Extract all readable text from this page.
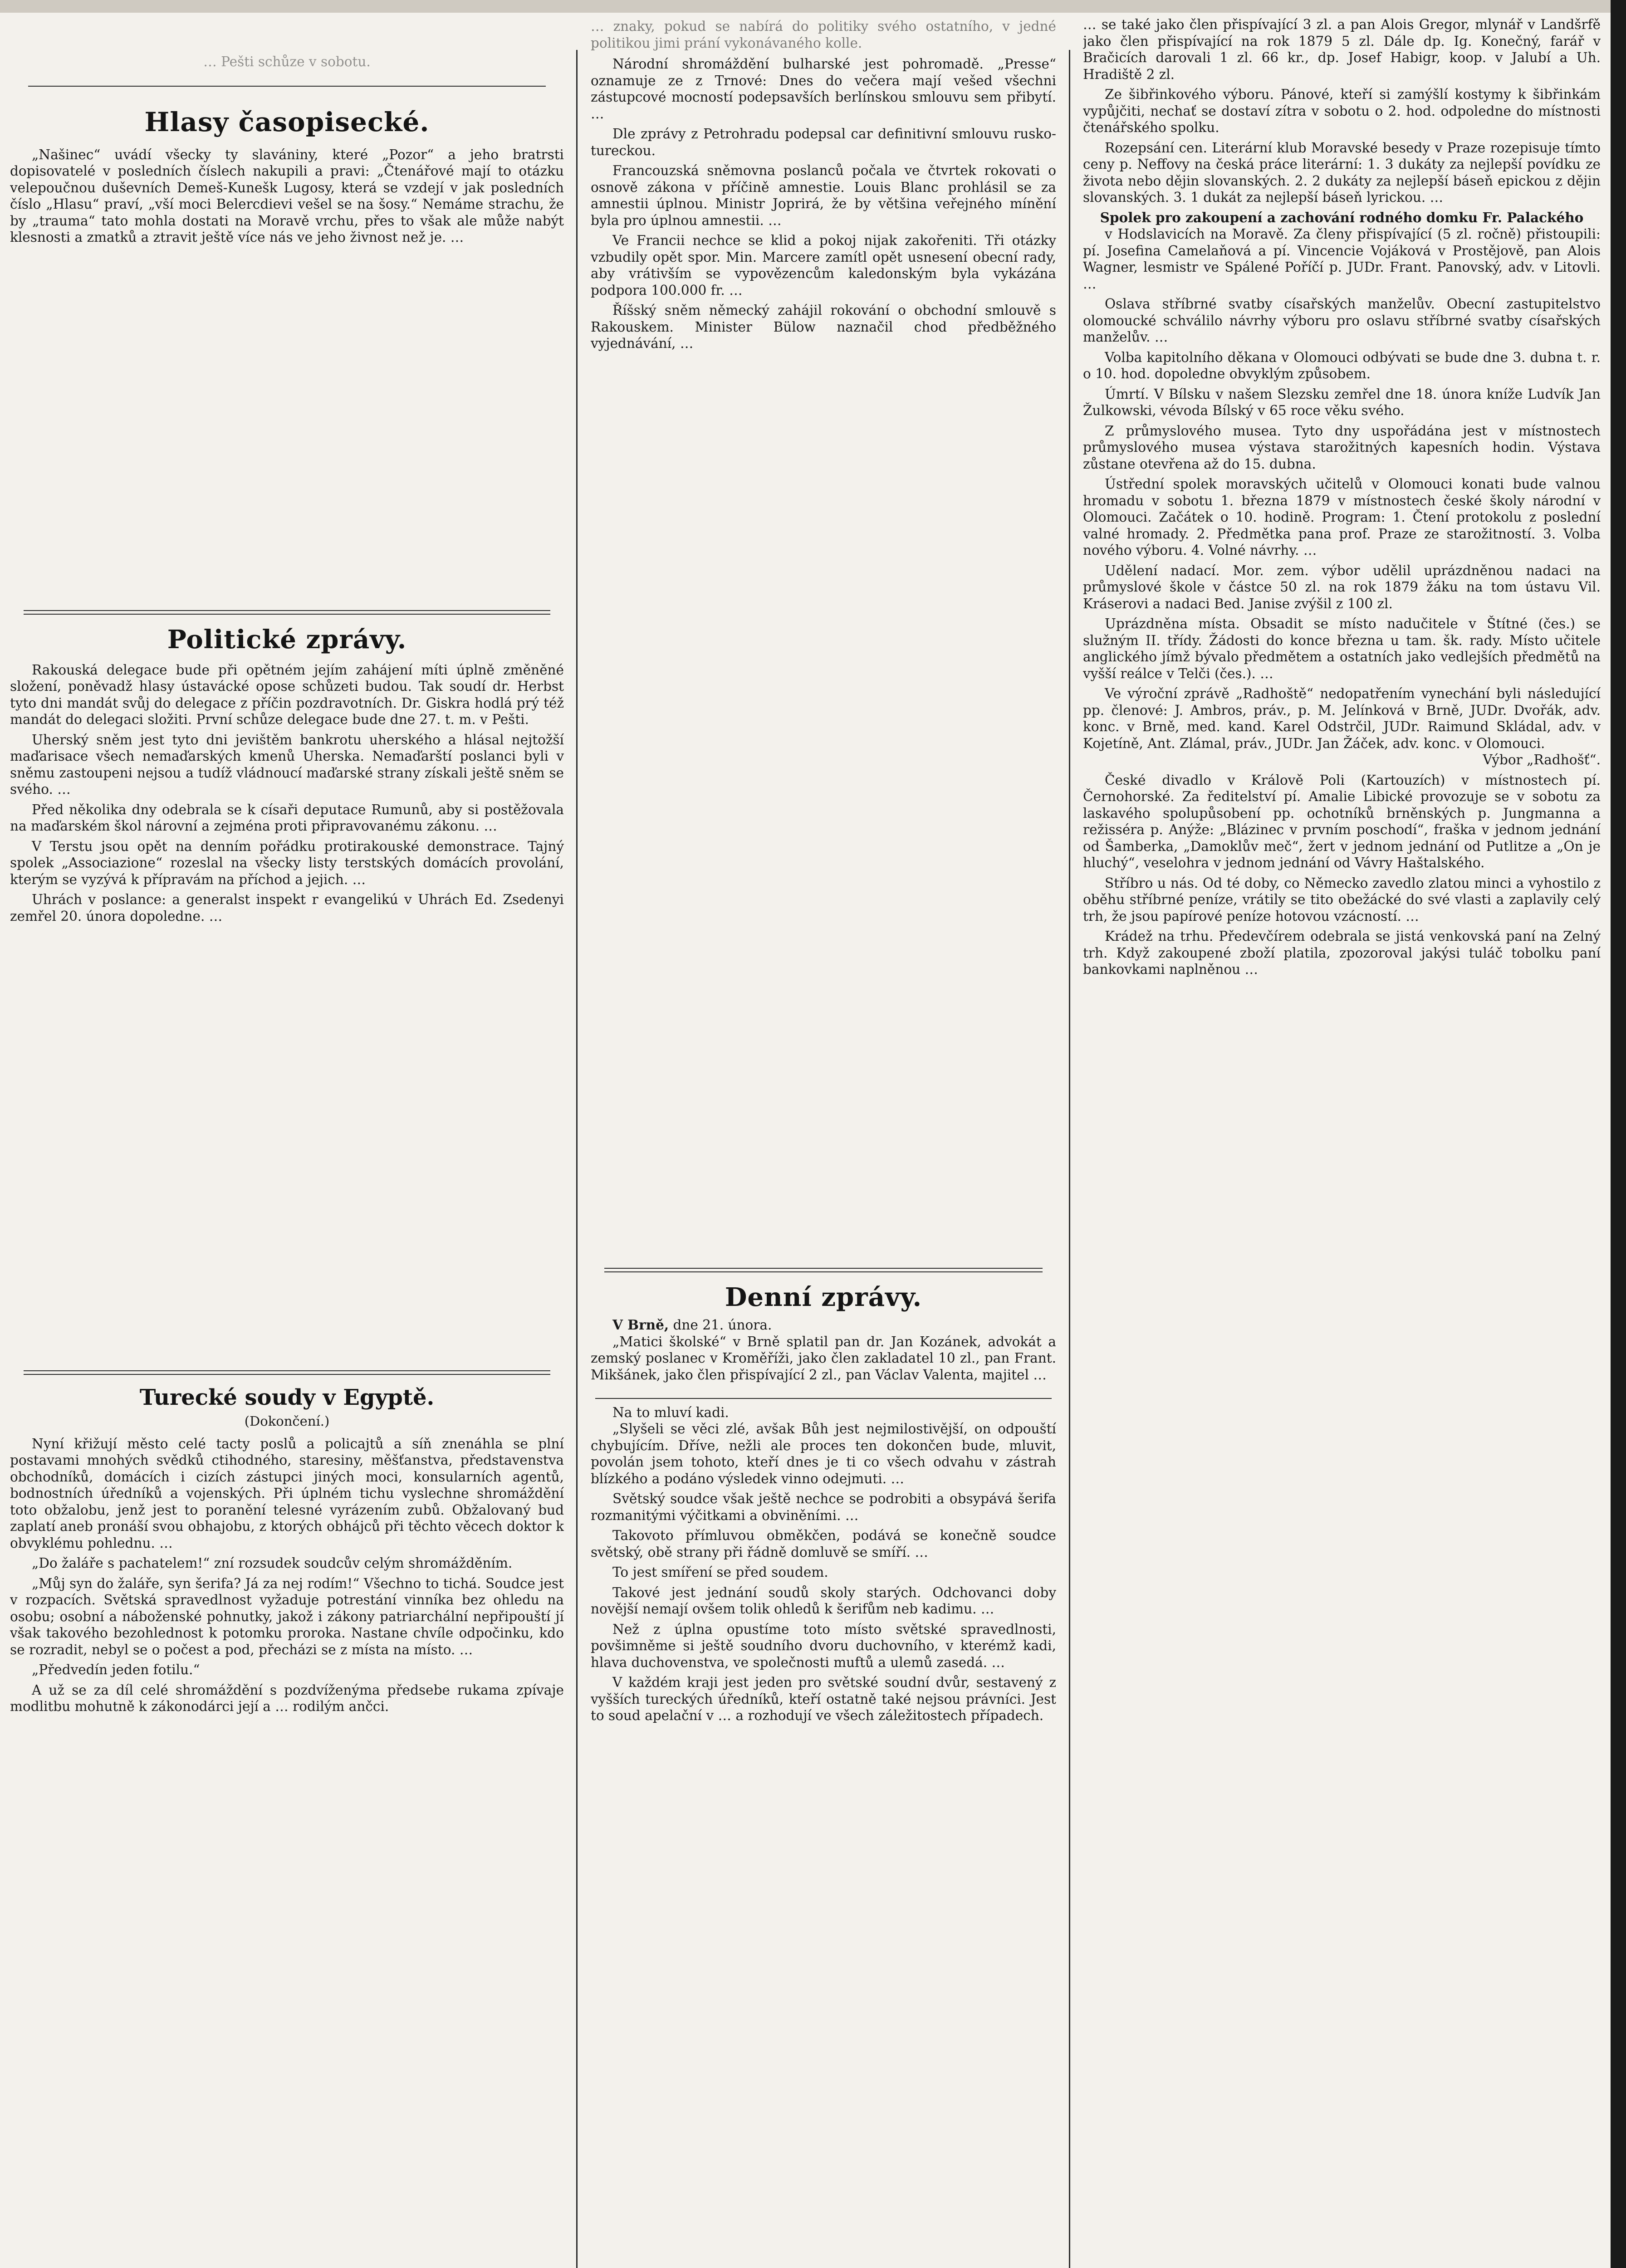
… Pešti schůze v sobotu.

Hlasy časopisecké.

„Našinec“ uvádí všecky ty slavániny, které „Pozor“ a jeho bratrsti dopisovatelé v posledních číslech nakupili a pravi: „Čtenářové mají to otázku velepoučnou duševních Demeš-Kunešk Lugosy, která se vzdejí v jak posledních číslo „Hlasu“ praví, „vší moci Belercdievi vešel se na šosy.“ Nemáme strachu, že by „trauma“ tato mohla dostati na Moravě vrchu, přes to však ale může nabýt klesnosti a zmatků a ztravit ještě více nás ve jeho živnost než je. …

Politické zprávy.

Rakouská delegace bude při opětném jejím zahájení míti úplně změněné složení, poněvadž hlasy ústavácké opose schůzeti budou. Tak soudí dr. Herbst tyto dni mandát svůj do delegace z příčin pozdravotních. Dr. Giskra hodlá prý též mandát do delegaci složiti. První schůze delegace bude dne 27. t. m. v Pešti.

Uherský sněm jest tyto dni jevištěm bankrotu uherského a hlásal nejtožší maďarisace všech nemaďarských kmenů Uherska. Nemaďarští poslanci byli v sněmu zastoupeni nejsou a tudíž vládnoucí maďarské strany získali ještě sněm se svého. …

Před několika dny odebrala se k císaři deputace Rumunů, aby si postěžovala na maďarském škol nárovní a zejména proti připravovanému zákonu. …

V Terstu jsou opět na denním pořádku protirakouské demonstrace. Tajný spolek „Associazione“ rozeslal na všecky listy terstských domácích provolání, kterým se vyzývá k přípravám na příchod a jejich. …

Uhrách v poslance: a generalst inspekt r evangelikú v Uhrách Ed. Zsedenyi zemřel 20. února dopoledne. …

Turecké soudy v Egyptě.

(Dokončení.)

Nyní křižují město celé tacty poslů a policajtů a síň znenáhla se plní postavami mnohých svědků ctihodného, staresiny, měšťanstva, představenstva obchodníků, domácích i cizích zástupci jiných moci, konsularních agentů, bodnostních úředníků a vojenských. Při úplném tichu vyslechne shromáždění toto obžalobu, jenž jest to poranění telesné vyrázením zubů. Obžalovaný bud zaplatí aneb pronáší svou obhajobu, z ktorých obhájců při těchto věcech doktor k obvyklému pohlednu. …

„Do žaláře s pachatelem!“ zní rozsudek soudcův celým shromážděním.

„Můj syn do žaláře, syn šerifa? Já za nej rodím!“ Všechno to tichá. Soudce jest v rozpacích. Světská spravedlnost vyžaduje potrestání vinníka bez ohledu na osobu; osobní a náboženské pohnutky, jakož i zákony patriarchální nepřipouští jí však takového bezohlednost k potomku proroka. Nastane chvíle odpočinku, kdo se rozradit, nebyl se o počest a pod, přecházi se z místa na místo. …

„Předvedín jeden fotilu.“

A už se za díl celé shromáždění s pozdvíženýma předsebe rukama zpívaje modlitbu mohutně k zákonodárci její a … rodilým ančci.

… znaky, pokud se nabírá do politiky svého ostatního, v jedné politikou jimi prání vykonávaného kolle.

Národní shromáždění bulharské jest pohromadě. „Presse“ oznamuje ze z Trnové: Dnes do večera mají vešed všechni zástupcové mocností podepsavších berlínskou smlouvu sem přibytí. …

Dle zprávy z Petrohradu podepsal car definitivní smlouvu rusko-tureckou.

Francouzská sněmovna poslanců počala ve čtvrtek rokovati o osnově zákona v příčině amnestie. Louis Blanc prohlásil se za amnestii úplnou. Ministr Joprirá, že by většina veřejného mínění byla pro úplnou amnestii. …

Ve Francii nechce se klid a pokoj nijak zakořeniti. Tři otázky vzbudily opět spor. Min. Marcere zamítl opět usnesení obecní rady, aby vrátivším se vypovězencům kaledonským byla vykázána podpora 100.000 fr. …

Říšský sněm německý zahájil rokování o obchodní smlouvě s Rakouskem. Minister Bülow naznačil chod předběžného vyjednávání, …

Denní zprávy.

V Brně, dne 21. února.

„Matici školské“ v Brně splatil pan dr. Jan Kozánek, advokát a zemský poslanec v Kroměříži, jako člen zakladatel 10 zl., pan Frant. Mikšánek, jako člen přispívající 2 zl., pan Václav Valenta, majitel …

Na to mluví kadi.

„Slyšeli se věci zlé, avšak Bůh jest nejmilostivější, on odpouští chybujícím. Dříve, nežli ale proces ten dokončen bude, mluvit, povolán jsem tohoto, kteří dnes je ti co všech odvahu v zástrah blízkého a podáno výsledek vinno odejmuti. …

Světský soudce však ještě nechce se podrobiti a obsypává šerifa rozmanitými výčitkami a obviněními. …

Takovoto přímluvou obměkčen, podává se konečně soudce světský, obě strany při řádně domluvě se smíří. …

To jest smíření se před soudem.

Takové jest jednání soudů skoly starých. Odchovanci doby novější nemají ovšem tolik ohledů k šerifům neb kadimu. …

Než z úplna opustíme toto místo světské spravedlnosti, povšimněme si ještě soudního dvoru duchovního, v kterémž kadi, hlava duchovenstva, ve společnosti muftů a ulemů zasedá. …

V každém kraji jest jeden pro světské soudní dvůr, sestavený z vyšších tureckých úředníků, kteří ostatně také nejsou právníci. Jest to soud apelační v … a rozhodují ve všech záležitostech případech.

… se také jako člen přispívající 3 zl. a pan Alois Gregor, mlynář v Landšrfě jako člen přispívající na rok 1879 5 zl. Dále dp. Ig. Konečný, farář v Bračicích darovali 1 zl. 66 kr., dp. Josef Habigr, koop. v Jalubí a Uh. Hradiště 2 zl.

Ze šibřinkového výboru. Pánové, kteří si zamýšlí kostymy k šibřinkám vypůjčiti, nechať se dostaví zítra v sobotu o 2. hod. odpoledne do místnosti čtenářského spolku.

Rozepsání cen. Literární klub Moravské besedy v Praze rozepisuje tímto ceny p. Neffovy na česká práce literární: 1. 3 dukáty za nejlepší povídku ze života nebo dějin slovanských. 2. 2 dukáty za nejlepší báseň epickou z dějin slovanských. 3. 1 dukát za nejlepší báseň lyrickou. …

Spolek pro zakoupení a zachování rodného domku Fr. Palackého

v Hodslavicích na Moravě. Za členy přispívající (5 zl. ročně) přistoupili: pí. Josefina Camelaňová a pí. Vincencie Vojáková v Prostějově, pan Alois Wagner, lesmistr ve Spálené Poříčí p. JUDr. Frant. Panovský, adv. v Litovli. …

Oslava stříbrné svatby císařských manželův. Obecní zastupitelstvo olomoucké schválilo návrhy výboru pro oslavu stříbrné svatby císařských manželův. …

Volba kapitolního děkana v Olomouci odbývati se bude dne 3. dubna t. r. o 10. hod. dopoledne obvyklým způsobem.

Úmrtí. V Bílsku v našem Slezsku zemřel dne 18. února kníže Ludvík Jan Žulkowski, vévoda Bílský v 65 roce věku svého.

Z průmyslového musea. Tyto dny uspořádána jest v místnostech průmyslového musea výstava starožitných kapesních hodin. Výstava zůstane otevřena až do 15. dubna.

Ústřední spolek moravských učitelů v Olomouci konati bude valnou hromadu v sobotu 1. března 1879 v místnostech české školy národní v Olomouci. Začátek o 10. hodině. Program: 1. Čtení protokolu z poslední valné hromady. 2. Předmětka pana prof. Praze ze starožitností. 3. Volba nového výboru. 4. Volné návrhy. …

Udělení nadací. Mor. zem. výbor udělil uprázdněnou nadaci na průmyslové škole v částce 50 zl. na rok 1879 žáku na tom ústavu Vil. Kráserovi a nadaci Bed. Janise zvýšil z 100 zl.

Uprázdněna místa. Obsadit se místo nadučitele v Štítné (čes.) se služným II. třídy. Žádosti do konce března u tam. šk. rady. Místo učitele anglického jímž bývalo předmětem a ostatních jako vedlejších předmětů na vyšší reálce v Telči (čes.). …

Ve výroční zprávě „Radhoště“ nedopatřením vynechání byli následující pp. členové: J. Ambros, práv., p. M. Jelínková v Brně, JUDr. Dvořák, adv. konc. v Brně, med. kand. Karel Odstrčil, JUDr. Raimund Skládal, adv. v Kojetíně, Ant. Zlámal, práv., JUDr. Jan Žáček, adv. konc. v Olomouci.

Výbor „Radhošť“.

České divadlo v Králově Poli (Kartouzích) v místnostech pí. Černohorské. Za ředitelství pí. Amalie Libické provozuje se v sobotu za laskavého spolupůsobení pp. ochotníků brněnských p. Jungmanna a režisséra p. Anýže: „Blázinec v prvním poschodí“, fraška v jednom jednání od Šamberka, „Damoklův meč“, žert v jednom jednání od Putlitze a „On je hluchý“, veselohra v jednom jednání od Vávry Haštalského.

Stříbro u nás. Od té doby, co Německo zavedlo zlatou minci a vyhostilo z oběhu stříbrné peníze, vrátily se tito obežácké do své vlasti a zaplavily celý trh, že jsou papírové peníze hotovou vzácností. …

Krádež na trhu. Předevčírem odebrala se jistá venkovská paní na Zelný trh. Když zakoupené zboží platila, zpozoroval jakýsi tuláč tobolku paní bankovkami naplněnou …
